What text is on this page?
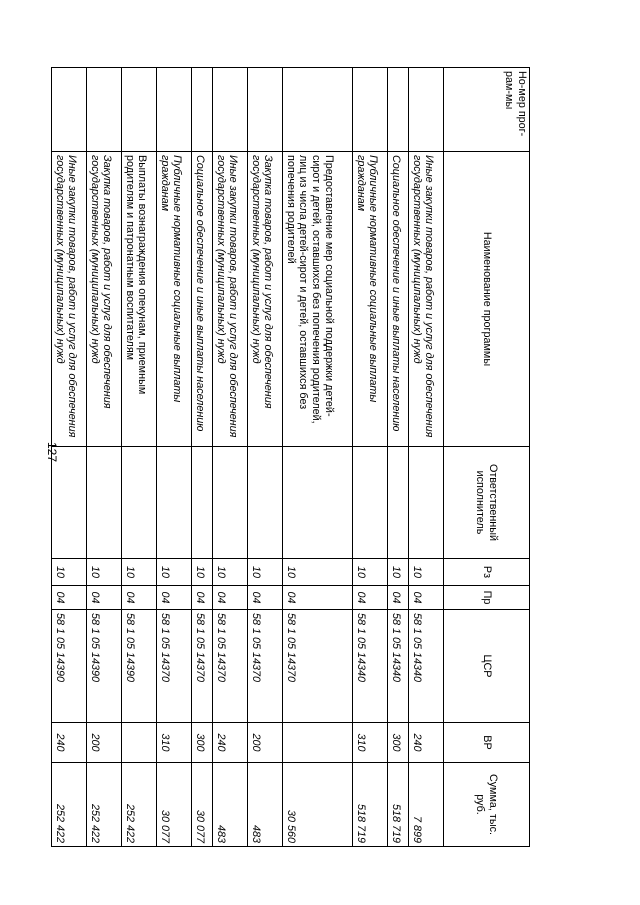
127
Но-мер прог-рам-мы	Наименование программы	Ответственный исполнитель	Рз	Пр	ЦСР	ВР	Сумма, тыс. руб.
	Иные закупки товаров, работ и услуг для обеспечения государственных (муниципальных) нужд		10	04	58 1 05 14340	240	7 899
	Социальное обеспечение и иные выплаты населению		10	04	58 1 05 14340	300	518 719
	Публичные нормативные социальные выплаты гражданам		10	04	58 1 05 14340	310	518 719
	Предоставление мер социальной поддержки детей-сирот и детей, оставшихся без попечения родителей, лиц из числа детей-сирот и детей, оставшихся без попечения родителей		10	04	58 1 05 14370		30 560
	Закупка товаров, работ и услуг для обеспечения государственных (муниципальных) нужд		10	04	58 1 05 14370	200	483
	Иные закупки товаров, работ и услуг для обеспечения государственных (муниципальных) нужд		10	04	58 1 05 14370	240	483
	Социальное обеспечение и иные выплаты населению		10	04	58 1 05 14370	300	30 077
	Публичные нормативные социальные выплаты гражданам		10	04	58 1 05 14370	310	30 077
	Выплаты вознаграждения опекунам, приемным родителям и патронатным воспитателям		10	04	58 1 05 14390		252 422
	Закупка товаров, работ и услуг для обеспечения государственных (муниципальных) нужд		10	04	58 1 05 14390	200	252 422
	Иные закупки товаров, работ и услуг для обеспечения государственных (муниципальных) нужд		10	04	58 1 05 14390	240	252 422
